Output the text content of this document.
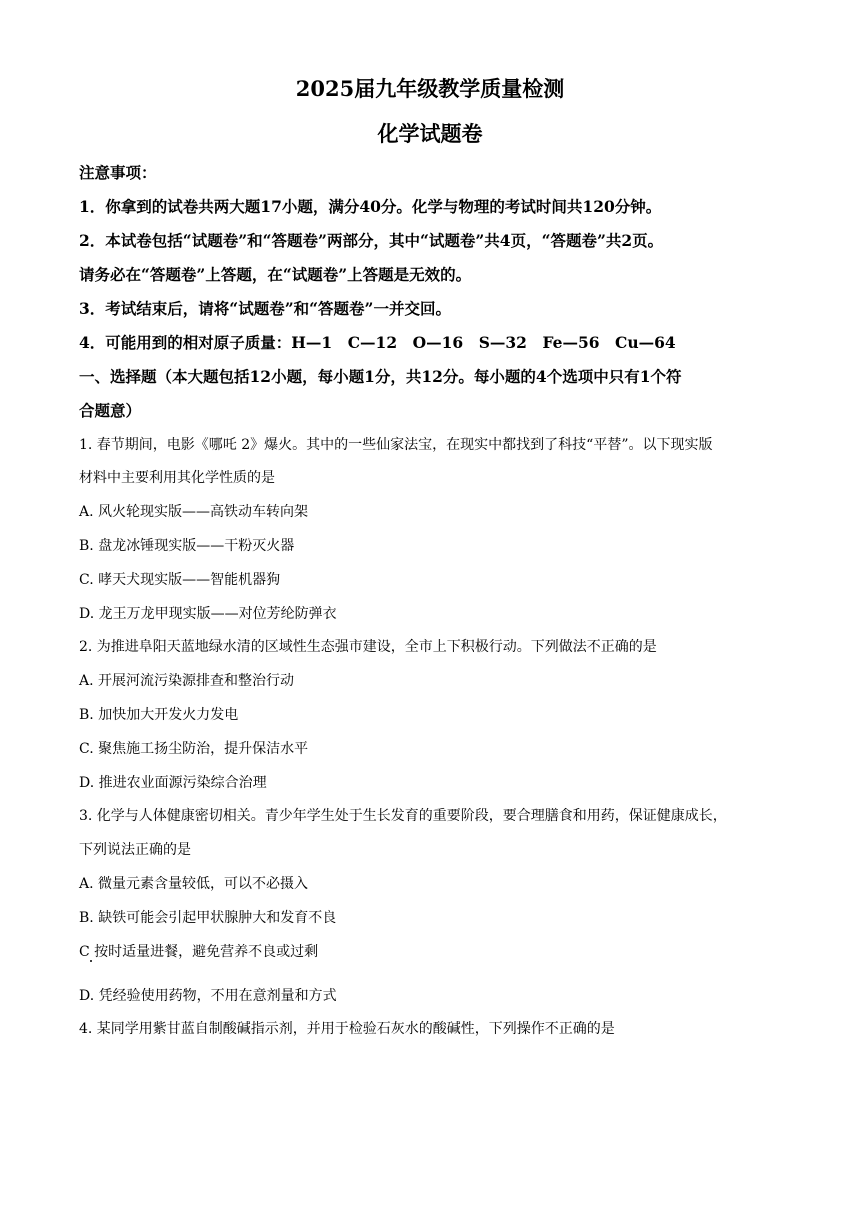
2025届九年级教学质量检测
化学试题卷
注意事项：
1．你拿到的试卷共两大题17小题，满分40分。化学与物理的考试时间共120分钟。
2．本试卷包括“试题卷”和“答题卷”两部分，其中“试题卷”共4页，“答题卷”共2页。
请务必在“答题卷”上答题，在“试题卷”上答题是无效的。
3．考试结束后，请将“试题卷”和“答题卷”一并交回。
4．可能用到的相对原子质量：H—1　C—12　O—16　S—32　Fe—56　Cu—64
一、选择题（本大题包括12小题，每小题1分，共12分。每小题的4个选项中只有1个符
合题意）
1. 春节期间，电影《哪吒 2》爆火。其中的一些仙家法宝，在现实中都找到了科技“平替”。以下现实版
材料中主要利用其化学性质的是
A. 风火轮现实版——高铁动车转向架
B. 盘龙冰锤现实版——干粉灭火器
C. 哮天犬现实版——智能机器狗
D. 龙王万龙甲现实版——对位芳纶防弹衣
2. 为推进阜阳天蓝地绿水清的区域性生态强市建设，全市上下积极行动。下列做法不正确的是
A. 开展河流污染源排查和整治行动
B. 加快加大开发火力发电
C. 聚焦施工扬尘防治，提升保洁水平
D. 推进农业面源污染综合治理
3. 化学与人体健康密切相关。青少年学生处于生长发育的重要阶段，要合理膳食和用药，保证健康成长，
下列说法正确的是
A. 微量元素含量较低，可以不必摄入
B. 缺铁可能会引起甲状腺肿大和发育不良
C 按时适量进餐，避免营养不良或过剩
D. 凭经验使用药物，不用在意剂量和方式
4. 某同学用紫甘蓝自制酸碱指示剂，并用于检验石灰水的酸碱性，下列操作不正确的是
